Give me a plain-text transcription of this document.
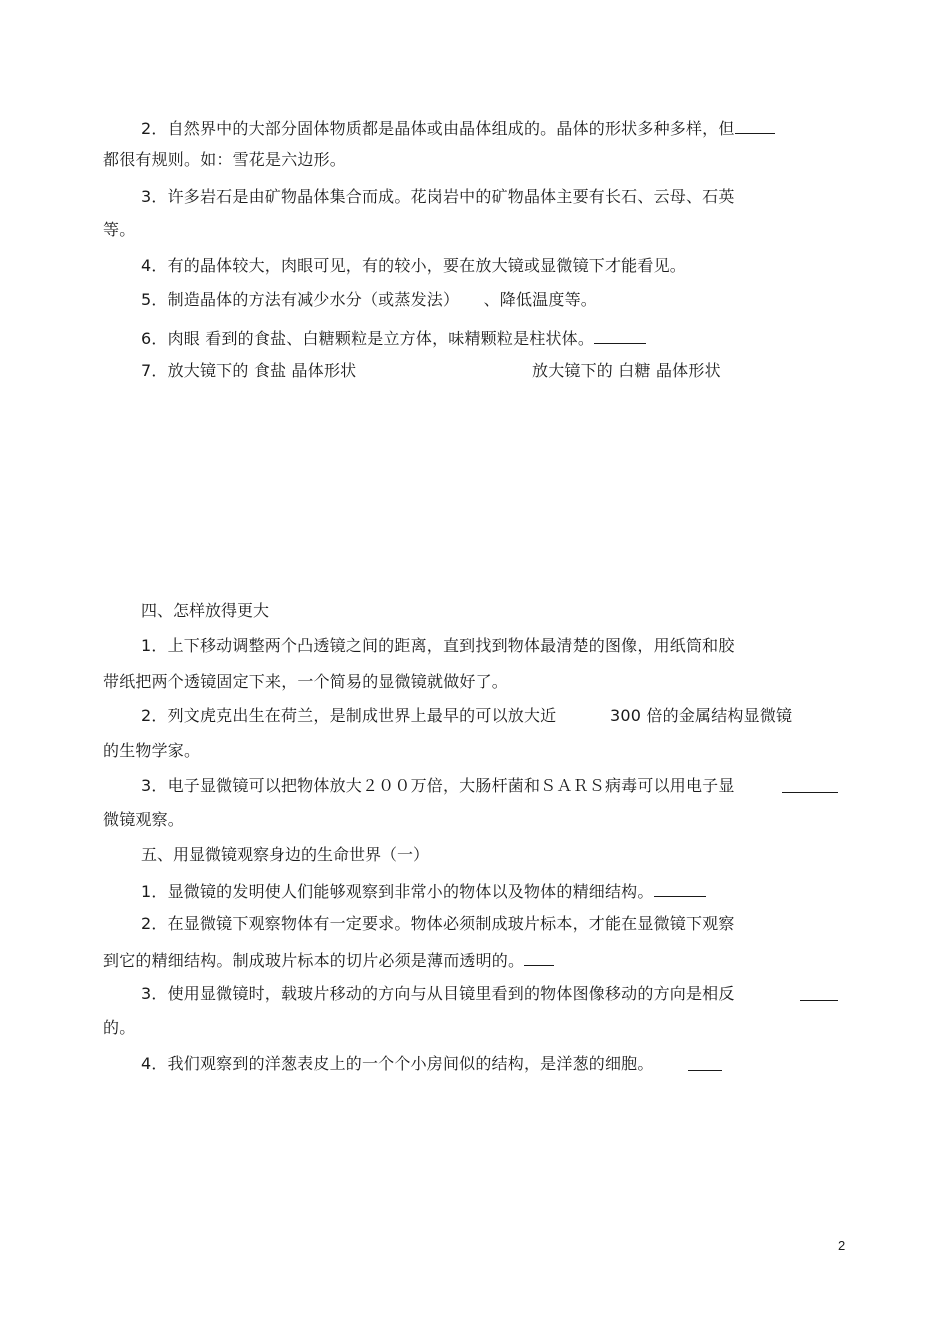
2．自然界中的大部分固体物质都是晶体或由晶体组成的。晶体的形状多种多样，但
都很有规则。如：雪花是六边形。
3．许多岩石是由矿物晶体集合而成。花岗岩中的矿物晶体主要有长石、云母、石英
等。
4．有的晶体较大，肉眼可见，有的较小，要在放大镜或显微镜下才能看见。
5．制造晶体的方法有减少水分（或蒸发法）　　、降低温度等。
6．肉眼 看到的食盐、白糖颗粒是立方体，味精颗粒是柱状体。
7．放大镜下的 食盐 晶体形状	放大镜下的 白糖 晶体形状
四、怎样放得更大
1．上下移动调整两个凸透镜之间的距离，直到找到物体最清楚的图像，用纸筒和胶
带纸把两个透镜固定下来，一个简易的显微镜就做好了。
2．列文虎克出生在荷兰，是制成世界上最早的可以放大近	300 倍的金属结构显微镜
的生物学家。
3．电子显微镜可以把物体放大２００万倍，大肠杆菌和ＳＡＲＳ病毒可以用电子显
微镜观察。
五、用显微镜观察身边的生命世界（一）
1．显微镜的发明使人们能够观察到非常小的物体以及物体的精细结构。
2．在显微镜下观察物体有一定要求。物体必须制成玻片标本，才能在显微镜下观察
到它的精细结构。制成玻片标本的切片必须是薄而透明的。
3．使用显微镜时，载玻片移动的方向与从目镜里看到的物体图像移动的方向是相反
的。
4．我们观察到的洋葱表皮上的一个个小房间似的结构，是洋葱的细胞。
2
